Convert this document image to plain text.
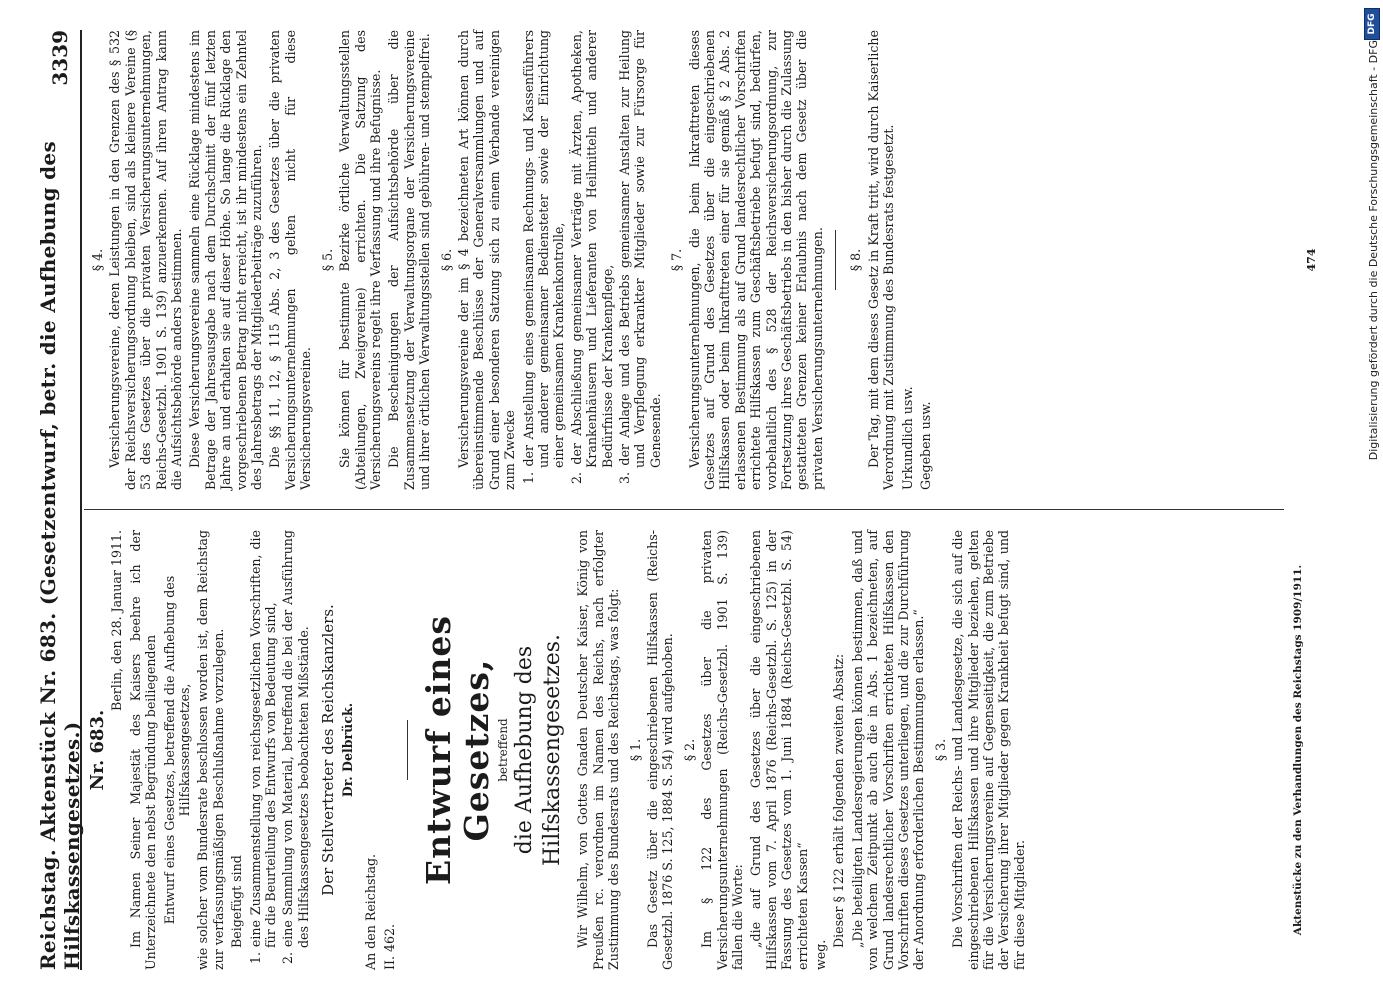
Reichstag. Aktenstück Nr. 683. (Gesetzentwurf, betr. die Aufhebung des Hilfskassengesetzes.)
3339

Nr. 683.

Berlin, den 28. Januar 1911. Im Namen Seiner Majestät des Kaisers beehre ich der Unterzeichnete den nebst Begründung beiliegenden Entwurf eines Gesetzes, betreffend die Aufhebung des Hilfskassengesetzes, wie solcher vom Bundesrate beschlossen worden ist, dem Reichstag zur verfassungsmäßigen Beschlußnahme vorzulegen. Beigefügt sind 1. eine Zusammenstellung von reichsgesetzlichen Vorschriften, die für die Beurteilung des Entwurfs von Bedeutung sind, 2. eine Sammlung von Material, betreffend die bei der Ausführung des Hilfskassengesetzes beobachteten Mißstände. Der Stellvertreter des Reichskanzlers. Dr. Delbrück.

An den Reichstag. II. 462.

Entwurf eines Gesetzes, betreffend die Aufhebung des Hilfskassengesetzes. Wir Wilhelm, von Gottes Gnaden Deutscher Kaiser, König von Preußen rc. verordnen im Namen des Reichs, nach erfolgter Zustimmung des Bundesrats und des Reichstags, was folgt: § 1. Das Gesetz über die eingeschriebenen Hilfskassen (Reichs-Gesetzbl. 1876 S. 125, 1884 S. 54) wird aufgehoben. § 2. Im § 122 des Gesetzes über die privaten Versicherungsunternehmungen (Reichs-Gesetzbl. 1901 S. 139) fallen die Worte: „die auf Grund des Gesetzes über die eingeschriebenen Hilfskassen vom 7. April 1876 (Reichs-Gesetzbl. S. 125) in der Fassung des Gesetzes vom 1. Juni 1884 (Reichs-Gesetzbl. S. 54) errichteten Kassen“ weg.

Dieser § 122 erhält folgenden zweiten Absatz: „Die beteiligten Landesregierungen können bestimmen, daß und von welchem Zeitpunkt ab auch die in Abs. 1 bezeichneten, auf Grund landesrechtlicher Vorschriften errichteten Hilfskassen den Vorschriften dieses Gesetzes unterliegen, und die zur Durchführung der Anordnung erforderlichen Bestimmungen erlassen.“ § 3. Die Vorschriften der Reichs- und Landesgesetze, die sich auf die eingeschriebenen Hilfskassen und ihre Mitglieder beziehen, gelten für die Versicherungsvereine auf Gegenseitigkeit, die zum Betriebe der Versicherung ihrer Mitglieder gegen Krankheit befugt sind, und für diese Mitglieder.

§ 4. Versicherungsvereine, deren Leistungen in den Grenzen des § 532 der Reichsversicherungsordnung bleiben, sind als kleinere Vereine (§ 53 des Gesetzes über die privaten Versicherungsunternehmungen, Reichs-Gesetzbl. 1901 S. 139) anzuerkennen. Auf ihren Antrag kann die Aufsichtsbehörde anders bestimmen. Diese Versicherungsvereine sammeln eine Rücklage mindestens im Betrage der Jahresausgabe nach dem Durchschnitt der fünf letzten Jahre an und erhalten sie auf dieser Höhe. So lange die Rücklage den vorgeschriebenen Betrag nicht erreicht, ist ihr mindestens ein Zehntel des Jahresbetrags der Mitgliederbeiträge zuzuführen. Die §§ 11, 12, § 115 Abs. 2, 3 des Gesetzes über die privaten Versicherungsunternehmungen gelten nicht für diese Versicherungsvereine.

§ 5. Sie können für bestimmte Bezirke örtliche Verwaltungsstellen (Abteilungen, Zweigvereine) errichten. Die Satzung des Versicherungsvereins regelt ihre Verfassung und ihre Befugnisse. Die Bescheinigungen der Aufsichtsbehörde über die Zusammensetzung der Verwaltungsorgane der Versicherungsvereine und ihrer örtlichen Verwaltungsstellen sind gebühren- und stempelfrei. § 6. Versicherungsvereine der im § 4 bezeichneten Art können durch übereinstimmende Beschlüsse der Generalversammlungen und auf Grund einer besonderen Satzung sich zu einem Verbande vereinigen zum Zwecke 1. der Anstellung eines gemeinsamen Rechnungs- und Kassenführers und anderer gemeinsamer Bediensteter sowie der Einrichtung einer gemeinsamen Krankenkontrolle, 2. der Abschließung gemeinsamer Verträge mit Ärzten, Apotheken, Krankenhäusern und Lieferanten von Heilmitteln und anderer Bedürfnisse der Krankenpflege, 3. der Anlage und des Betriebs gemeinsamer Anstalten zur Heilung und Verpflegung erkrankter Mitglieder sowie zur Fürsorge für Genesende.

§ 7. Versicherungsunternehmungen, die beim Inkrafttreten dieses Gesetzes auf Grund des Gesetzes über die eingeschriebenen Hilfskassen oder beim Inkrafttreten einer für sie gemäß § 2 Abs. 2 erlassenen Bestimmung als auf Grund landesrechtlicher Vorschriften errichtete Hilfskassen zum Geschäftsbetriebe befugt sind, bedürfen, vorbehaltlich des § 528 der Reichsversicherungsordnung, zur Fortsetzung ihres Geschäftsbetriebs in den bisher durch die Zulassung gestatteten Grenzen keiner Erlaubnis nach dem Gesetz über die privaten Versicherungsunternehmungen. § 8. Der Tag, mit dem dieses Gesetz in Kraft tritt, wird durch Kaiserliche Verordnung mit Zustimmung des Bundesrats festgesetzt. Urkundlich usw. Gegeben usw.

Aktenstücke zu den Verhandlungen des Reichstags 1909/1911.
474
DFG
Digitalisierung gefördert durch die Deutsche Forschungsgemeinschaft - DFG
